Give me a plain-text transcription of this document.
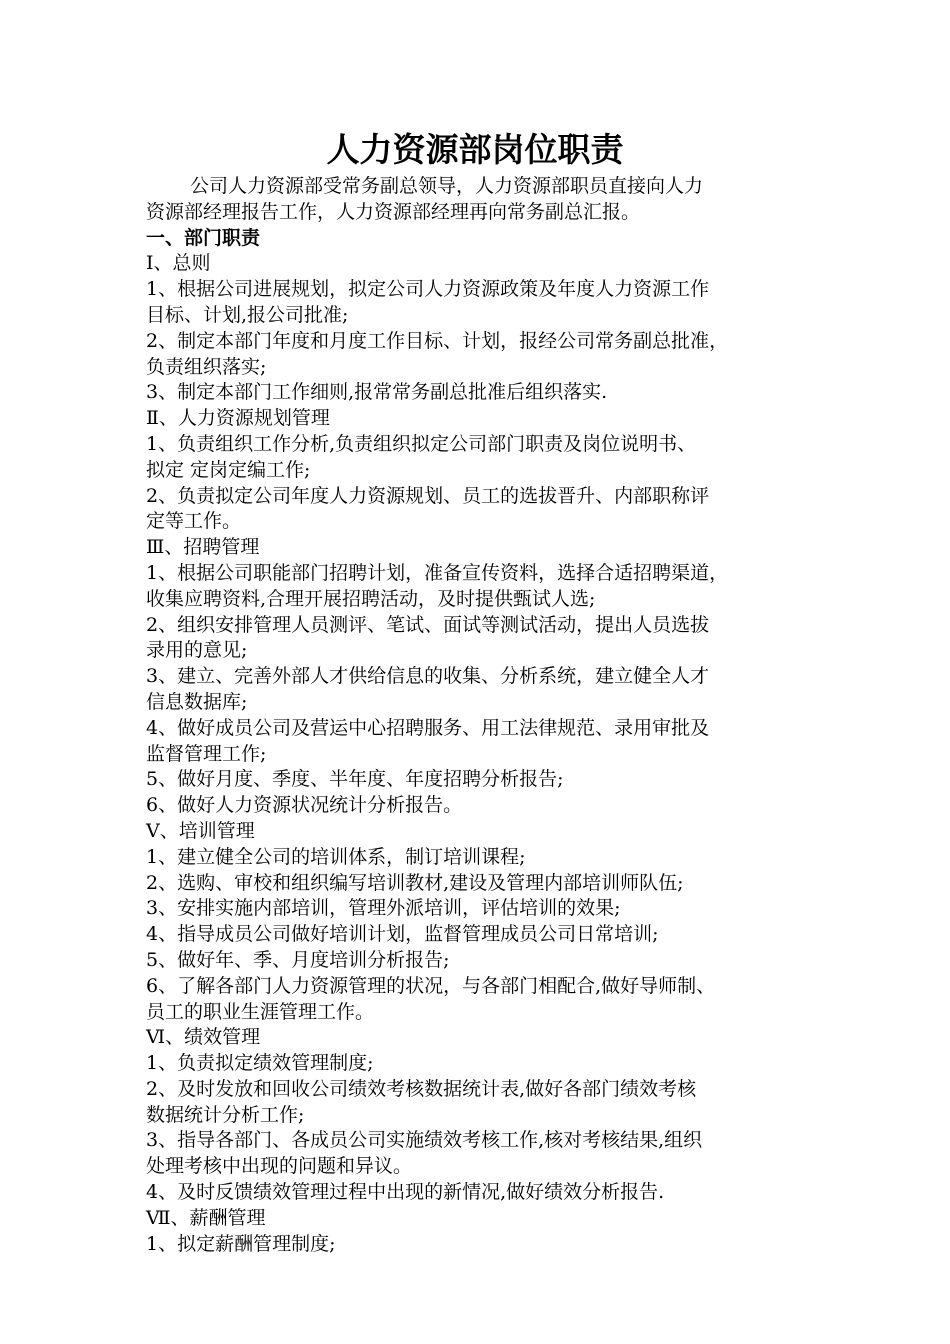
人力资源部岗位职责
公司人力资源部受常务副总领导，人力资源部职员直接向人力
资源部经理报告工作，人力资源部经理再向常务副总汇报。
一、部门职责
Ⅰ、总则
1、根据公司进展规划，拟定公司人力资源政策及年度人力资源工作
目标、计划,报公司批准;
2、制定本部门年度和月度工作目标、计划，报经公司常务副总批准，
负责组织落实;
3、制定本部门工作细则,报常常务副总批准后组织落实.
Ⅱ、人力资源规划管理
1、负责组织工作分析,负责组织拟定公司部门职责及岗位说明书、
拟定 定岗定编工作;
2、负责拟定公司年度人力资源规划、员工的选拔晋升、内部职称评
定等工作。
Ⅲ、招聘管理
1、根据公司职能部门招聘计划，准备宣传资料，选择合适招聘渠道，
收集应聘资料,合理开展招聘活动，及时提供甄试人选;
2、组织安排管理人员测评、笔试、面试等测试活动，提出人员选拔
录用的意见;
3、建立、完善外部人才供给信息的收集、分析系统，建立健全人才
信息数据库;
4、做好成员公司及营运中心招聘服务、用工法律规范、录用审批及
监督管理工作;
5、做好月度、季度、半年度、年度招聘分析报告;
6、做好人力资源状况统计分析报告。
Ⅴ、培训管理
1、建立健全公司的培训体系，制订培训课程;
2、选购、审校和组织编写培训教材,建设及管理内部培训师队伍;
3、安排实施内部培训，管理外派培训，评估培训的效果;
4、指导成员公司做好培训计划，监督管理成员公司日常培训;
5、做好年、季、月度培训分析报告;
6、了解各部门人力资源管理的状况，与各部门相配合,做好导师制、
员工的职业生涯管理工作。
Ⅵ、绩效管理
1、负责拟定绩效管理制度;
2、及时发放和回收公司绩效考核数据统计表,做好各部门绩效考核
数据统计分析工作;
3、指导各部门、各成员公司实施绩效考核工作,核对考核结果,组织
处理考核中出现的问题和异议。
4、及时反馈绩效管理过程中出现的新情况,做好绩效分析报告.
Ⅶ、薪酬管理
1、拟定薪酬管理制度;
